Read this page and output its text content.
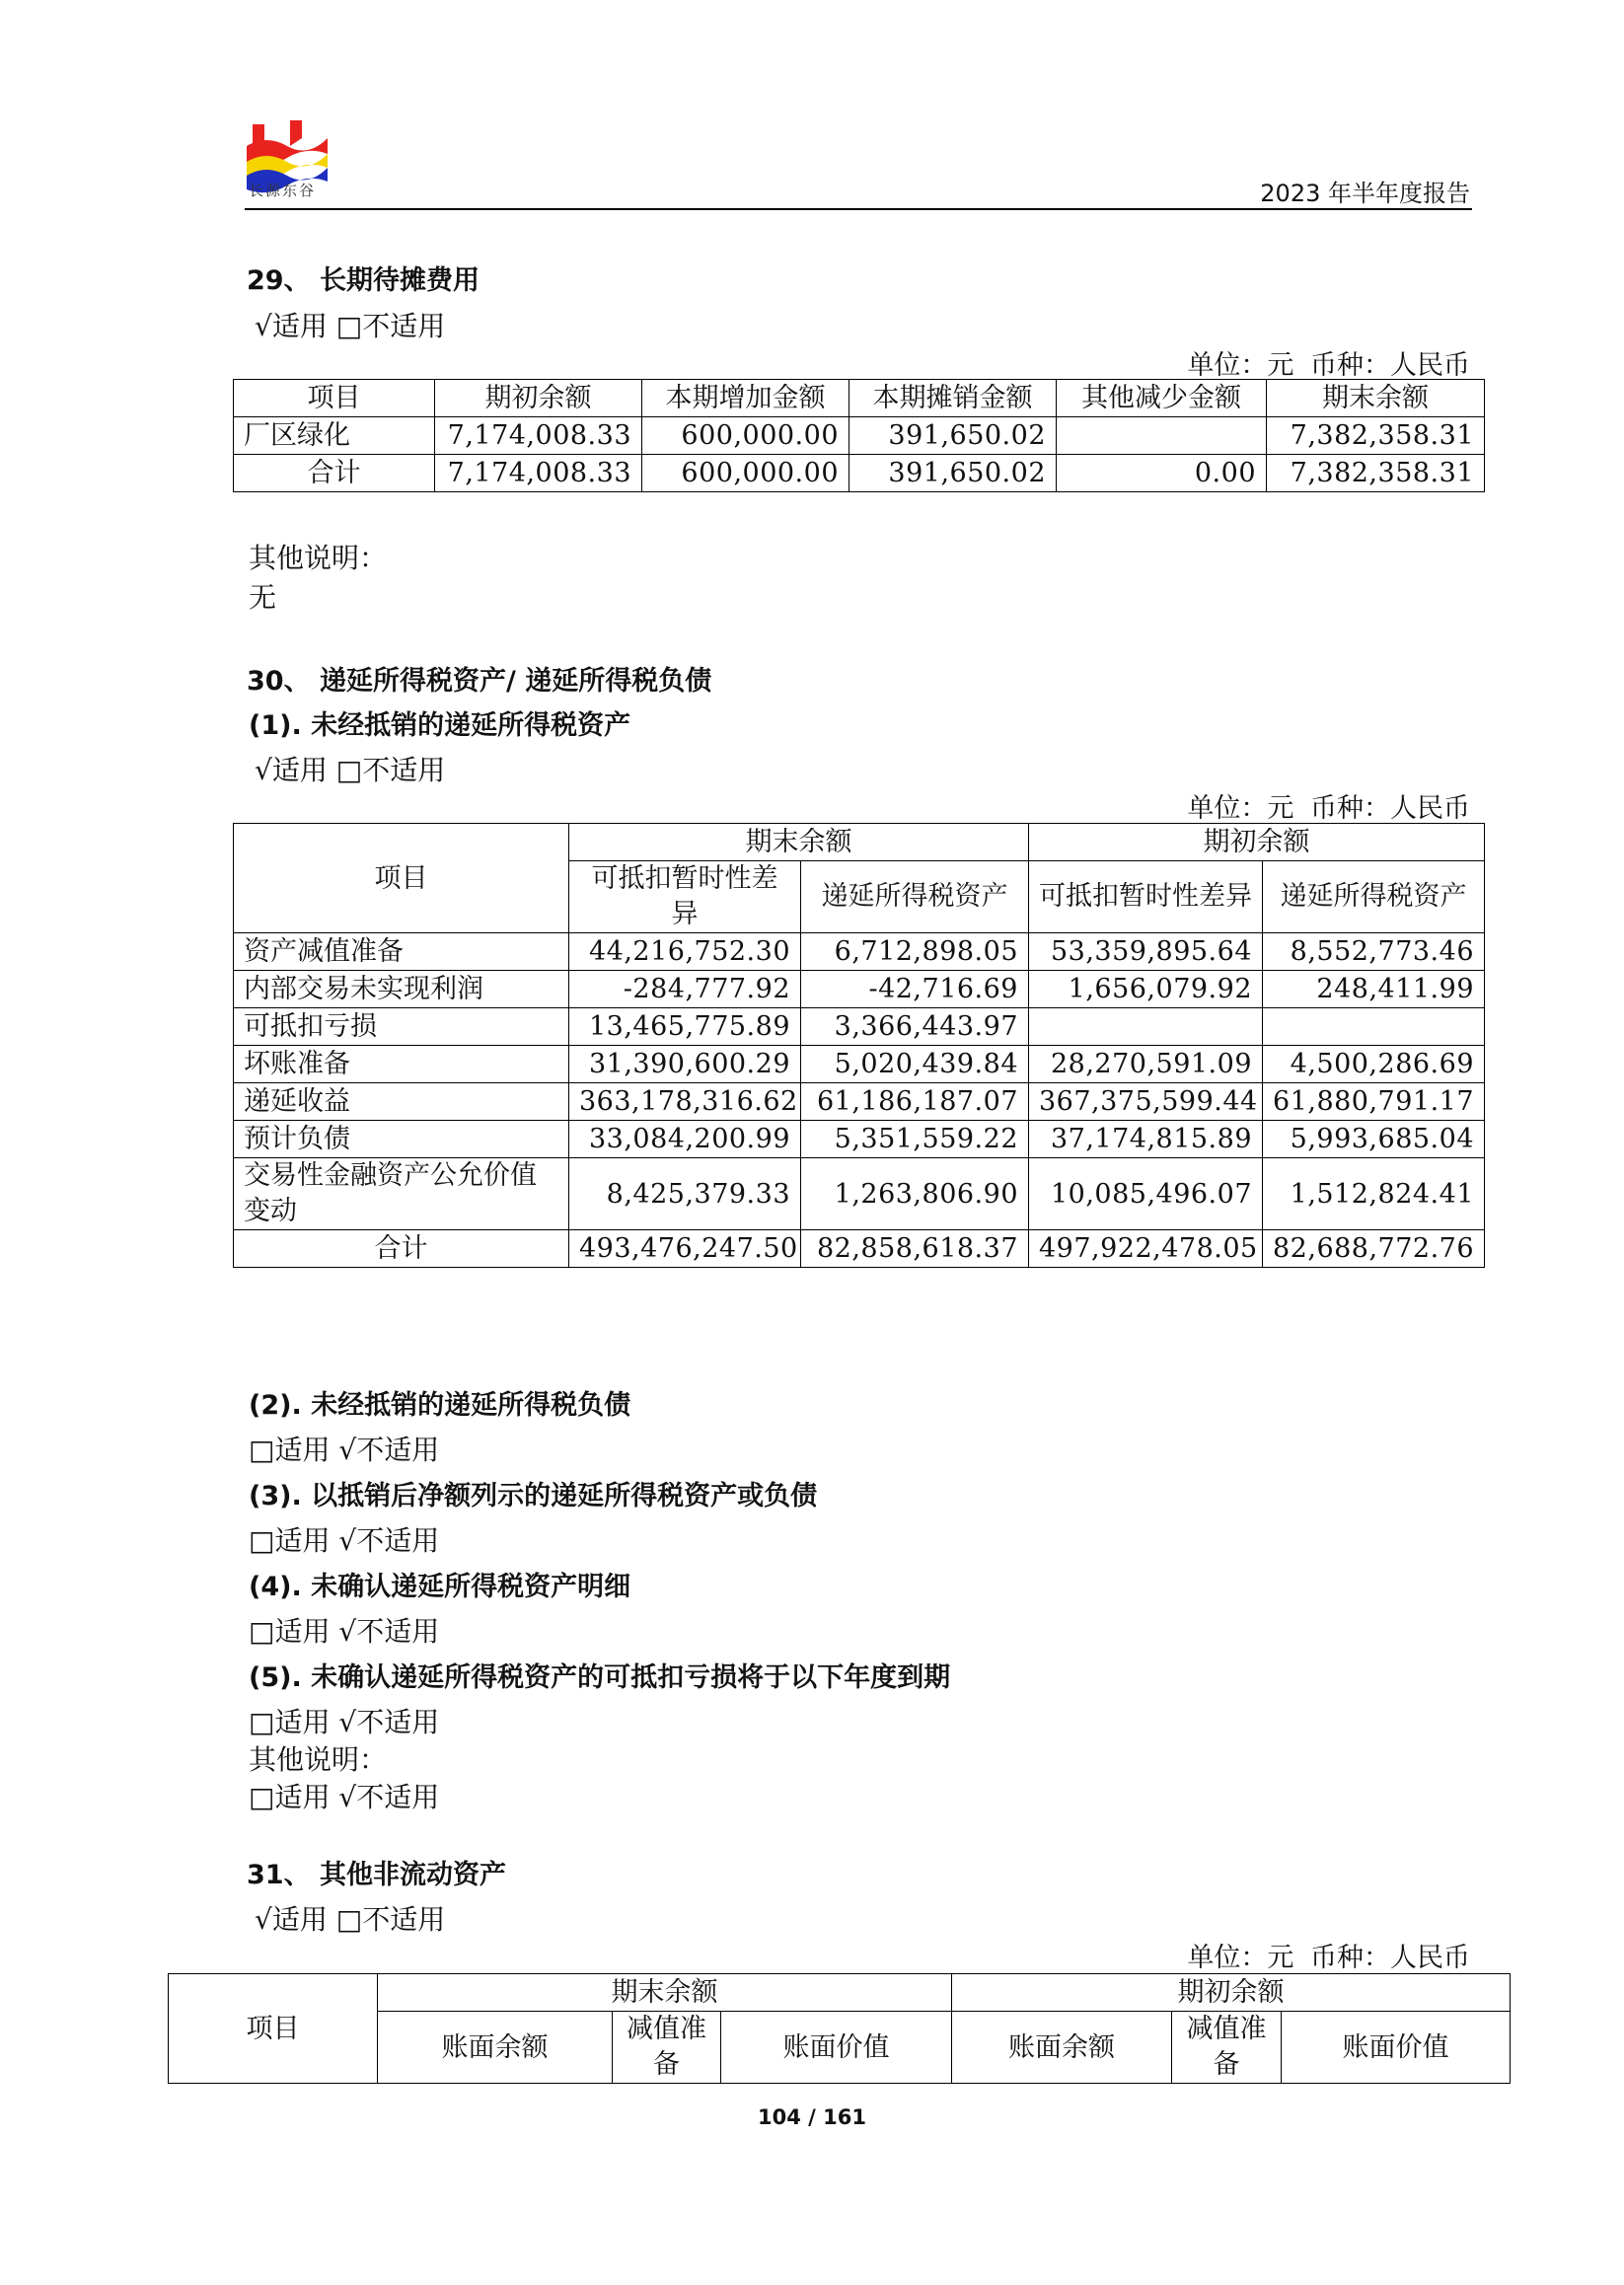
长源东谷	2023 年半年度报告
29、 长期待摊费用
√适用 □不适用
单位：元 币种：人民币
项目	期初余额	本期增加金额	本期摊销金额	其他减少金额	期末余额
厂区绿化	7,174,008.33	600,000.00	391,650.02		7,382,358.31
合计	7,174,008.33	600,000.00	391,650.02	0.00	7,382,358.31
其他说明：
无
30、 递延所得税资产/ 递延所得税负债
(1). 未经抵销的递延所得税资产
√适用 □不适用
单位：元 币种：人民币
项目	期末余额		期初余额	
	可抵扣暂时性差异	递延所得税资产	可抵扣暂时性差异	递延所得税资产
资产减值准备	44,216,752.30	6,712,898.05	53,359,895.64	8,552,773.46
内部交易未实现利润	-284,777.92	-42,716.69	1,656,079.92	248,411.99
可抵扣亏损	13,465,775.89	3,366,443.97		
坏账准备	31,390,600.29	5,020,439.84	28,270,591.09	4,500,286.69
递延收益	363,178,316.62	61,186,187.07	367,375,599.44	61,880,791.17
预计负债	33,084,200.99	5,351,559.22	37,174,815.89	5,993,685.04
交易性金融资产公允价值变动	8,425,379.33	1,263,806.90	10,085,496.07	1,512,824.41
合计	493,476,247.50	82,858,618.37	497,922,478.05	82,688,772.76
(2). 未经抵销的递延所得税负债
□适用 √不适用
(3). 以抵销后净额列示的递延所得税资产或负债
□适用 √不适用
(4). 未确认递延所得税资产明细
□适用 √不适用
(5). 未确认递延所得税资产的可抵扣亏损将于以下年度到期
□适用 √不适用
其他说明：
□适用 √不适用
31、 其他非流动资产
√适用 □不适用
单位：元 币种：人民币
项目	期末余额			期初余额		
	账面余额	减值准备	账面价值	账面余额	减值准备	账面价值
104 / 161
